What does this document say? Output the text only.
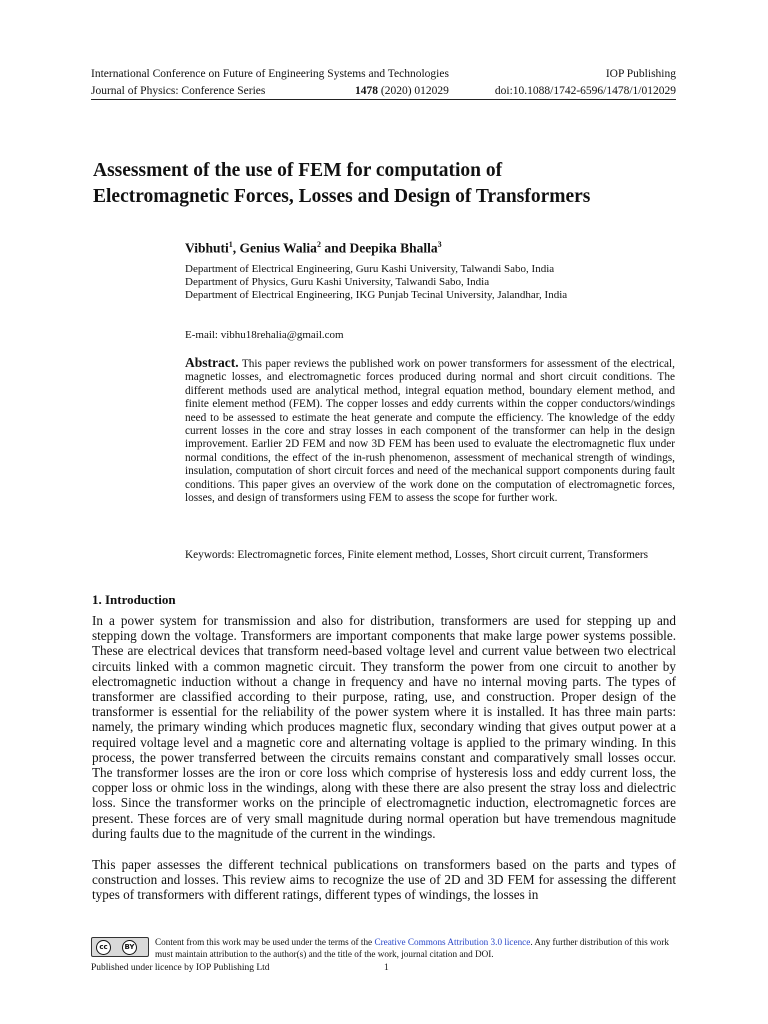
International Conference on Future of Engineering Systems and Technologies	IOP Publishing
Journal of Physics: Conference Series	1478 (2020) 012029	doi:10.1088/1742-6596/1478/1/012029
Assessment of the use of FEM for computation of
Electromagnetic Forces, Losses and Design of Transformers
Vibhuti$^1$, Genius Walia$^2$ and Deepika Bhalla$^3$
Department of Electrical Engineering, Guru Kashi University, Talwandi Sabo, India
Department of Physics, Guru Kashi University, Talwandi Sabo, India
Department of Electrical Engineering, IKG Punjab Tecinal University, Jalandhar, India
E-mail: vibhu18rehalia@gmail.com
Abstract. This paper reviews the published work on power transformers for assessment of the electrical, magnetic losses, and electromagnetic forces produced during normal and short circuit conditions. The different methods used are analytical method, integral equation method, boundary element method, and finite element method (FEM). The copper losses and eddy currents within the copper conductors/windings need to be assessed to estimate the heat generate and compute the efficiency. The knowledge of the eddy current losses in the core and stray losses in each component of the transformer can help in the design improvement. Earlier 2D FEM and now 3D FEM has been used to evaluate the electromagnetic flux under normal conditions, the effect of the in-rush phenomenon, assessment of mechanical strength of windings, insulation, computation of short circuit forces and need of the mechanical support components during fault conditions. This paper gives an overview of the work done on the computation of electromagnetic forces, losses, and design of transformers using FEM to assess the scope for further work.
Keywords: Electromagnetic forces, Finite element method, Losses, Short circuit current, Transformers
1. Introduction

In a power system for transmission and also for distribution, transformers are used for stepping up and stepping down the voltage. Transformers are important components that make large power systems possible. These are electrical devices that transform need-based voltage level and current value between two electrical circuits linked with a common magnetic circuit. They transform the power from one circuit to another by electromagnetic induction without a change in frequency and have no internal moving parts. The types of transformer are classified according to their purpose, rating, use, and construction. Proper design of the transformer is essential for the reliability of the power system where it is installed. It has three main parts: namely, the primary winding which produces magnetic flux, secondary winding that gives output power at a required voltage level and a magnetic core and alternating voltage is applied to the primary winding. In this process, the power transferred between the circuits remains constant and comparatively small losses occur. The transformer losses are the iron or core loss which comprise of hysteresis loss and eddy current loss, the copper loss or ohmic loss in the windings, along with these there are also present the stray loss and dielectric loss. Since the transformer works on the principle of electromagnetic induction, electromagnetic forces are present. These forces are of very small magnitude during normal operation but have tremendous magnitude during faults due to the magnitude of the current in the windings.

This paper assesses the different technical publications on transformers based on the parts and types of construction and losses. This review aims to recognize the use of 2D and 3D FEM for assessing the different types of transformers with different ratings, different types of windings, the losses in

cc	BY Content from this work may be used under the terms of the Creative Commons Attribution 3.0 licence. Any further distribution of this work must maintain attribution to the author(s) and the title of the work, journal citation and DOI.
Published under licence by IOP Publishing Ltd	1
